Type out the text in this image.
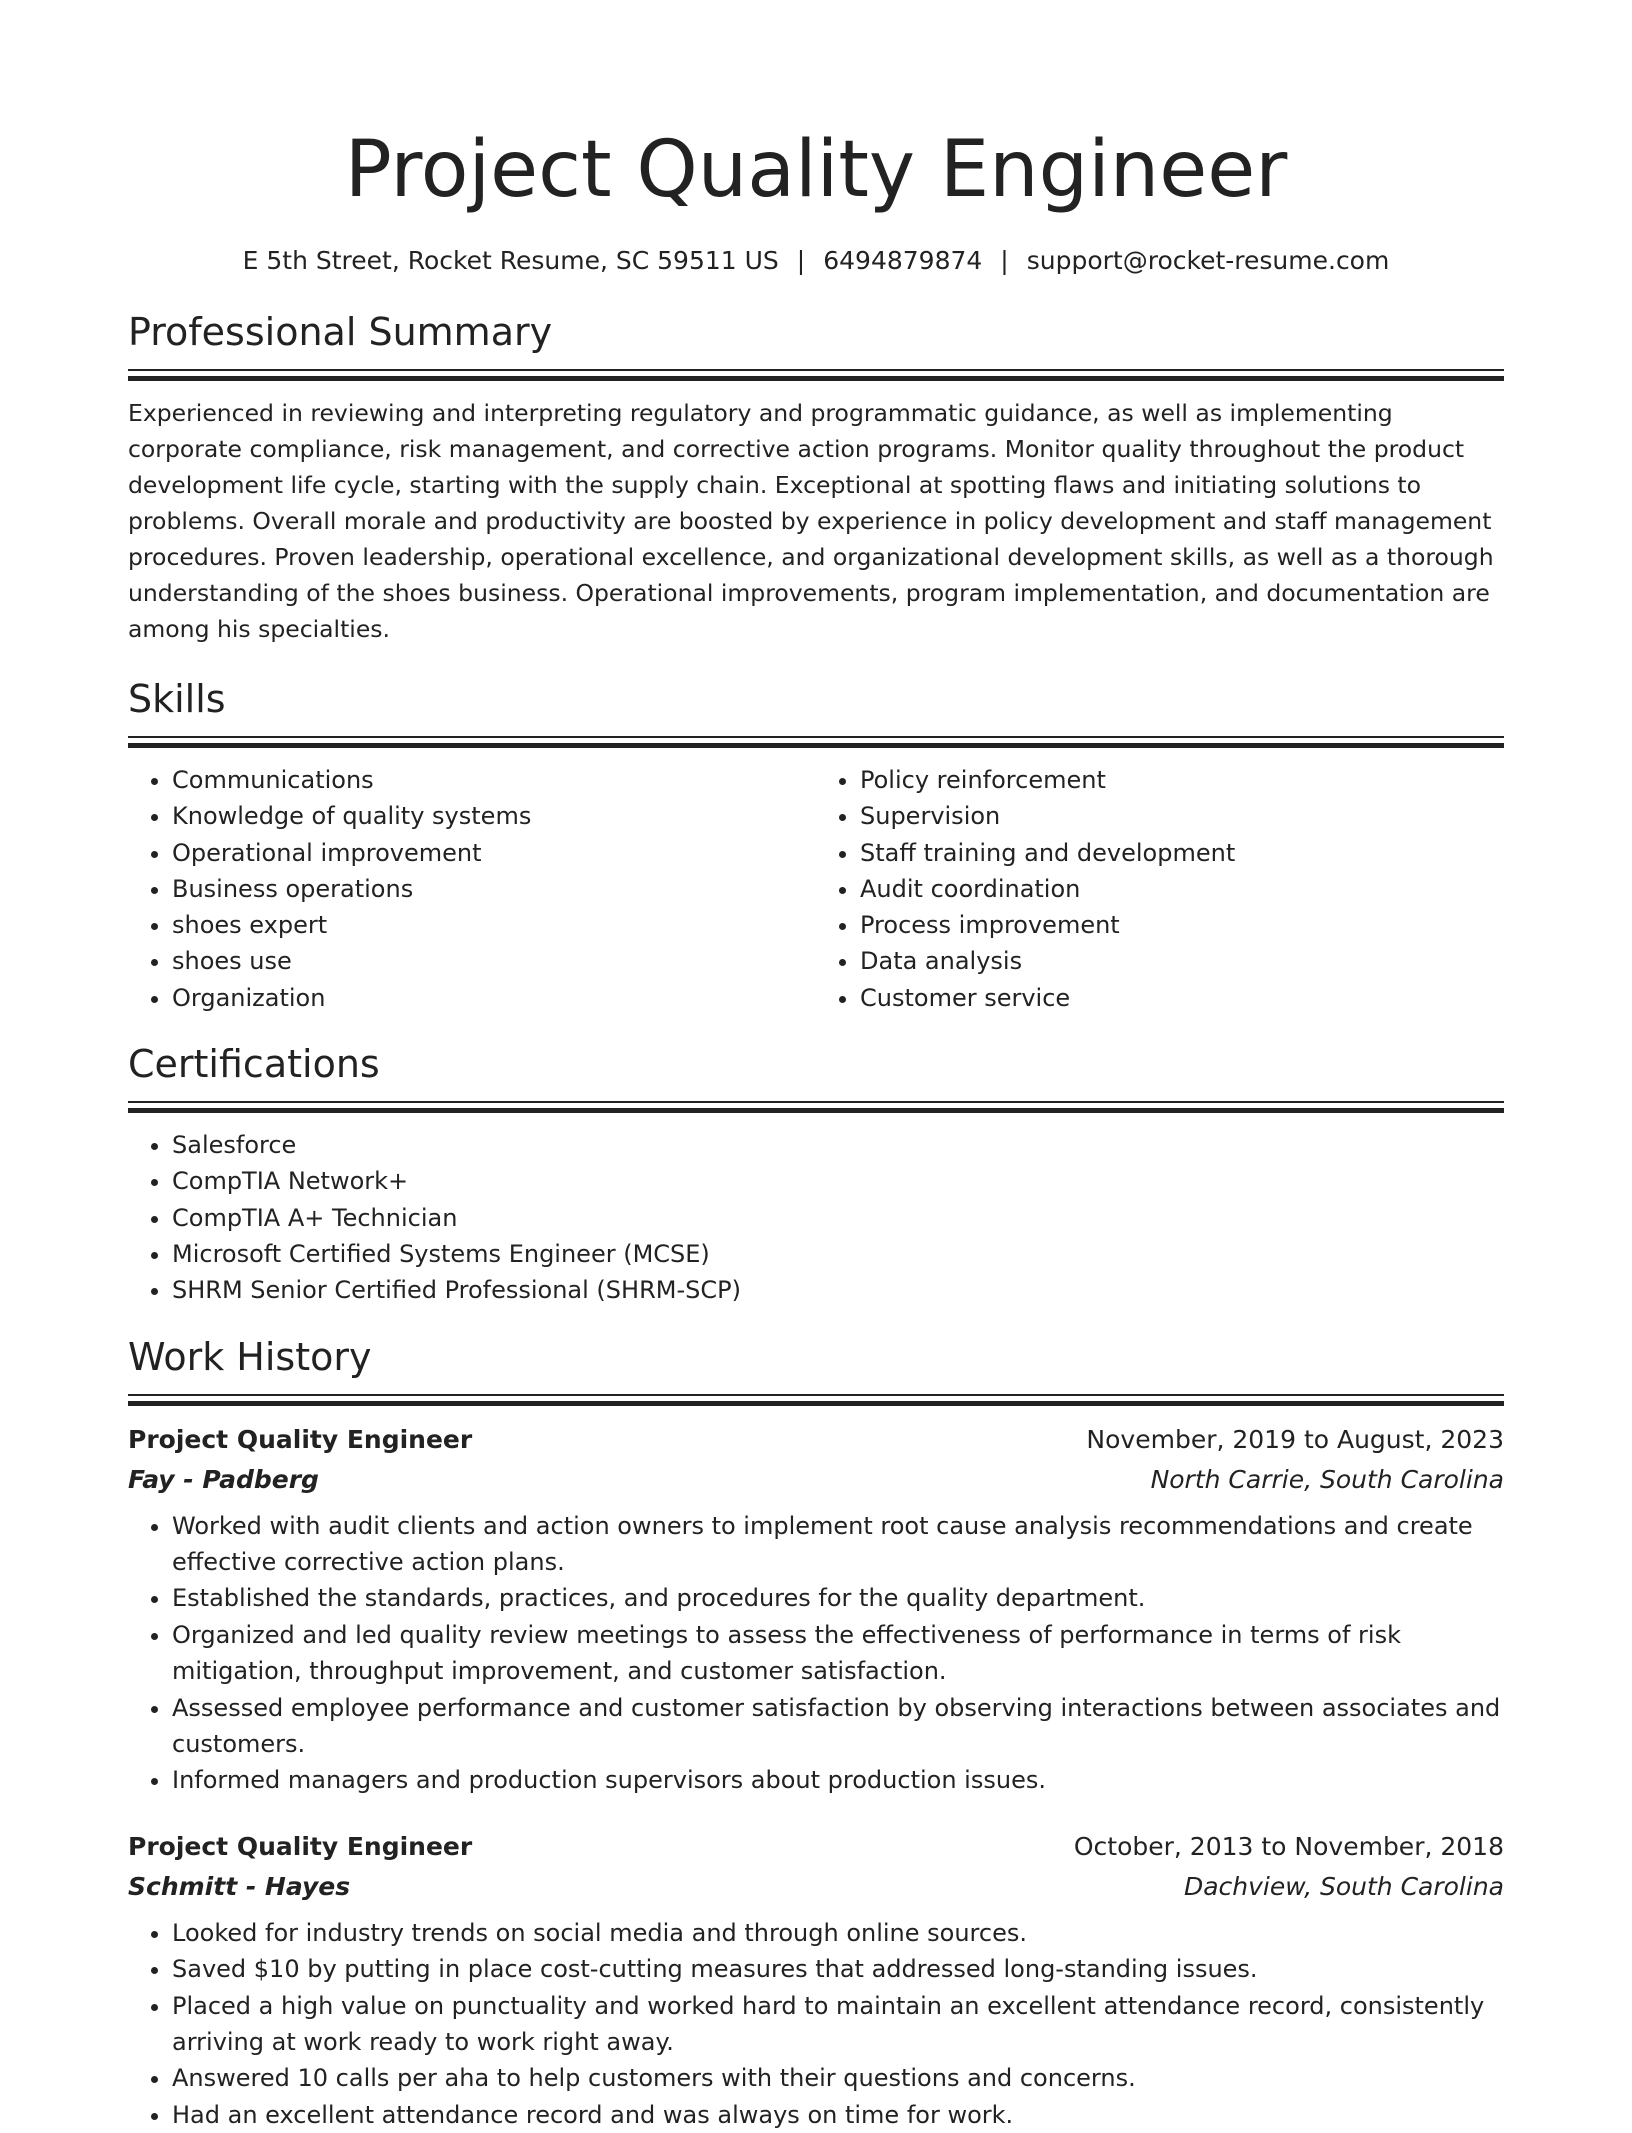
Project Quality Engineer
E 5th Street, Rocket Resume, SC 59511 US | 6494879874 | support@rocket-resume.com
Professional Summary

Experienced in reviewing and interpreting regulatory and programmatic guidance, as well as implementing corporate compliance, risk management, and corrective action programs. Monitor quality throughout the product development life cycle, starting with the supply chain. Exceptional at spotting flaws and initiating solutions to problems. Overall morale and productivity are boosted by experience in policy development and staff management procedures. Proven leadership, operational excellence, and organizational development skills, as well as a thorough understanding of the shoes business. Operational improvements, program implementation, and documentation are among his specialties.

Skills
• Communications
• Knowledge of quality systems
• Operational improvement
• Business operations
• shoes expert
• shoes use
• Organization
• Policy reinforcement
• Supervision
• Staff training and development
• Audit coordination
• Process improvement
• Data analysis
• Customer service
Certifications
• Salesforce
• CompTIA Network+
• CompTIA A+ Technician
• Microsoft Certified Systems Engineer (MCSE)
• SHRM Senior Certified Professional (SHRM-SCP)
Work History
Project Quality Engineer	November, 2019 to August, 2023
Fay - Padberg	North Carrie, South Carolina
• Worked with audit clients and action owners to implement root cause analysis recommendations and create effective corrective action plans.
• Established the standards, practices, and procedures for the quality department.
• Organized and led quality review meetings to assess the effectiveness of performance in terms of risk mitigation, throughput improvement, and customer satisfaction.
• Assessed employee performance and customer satisfaction by observing interactions between associates and customers.
• Informed managers and production supervisors about production issues.
Project Quality Engineer	October, 2013 to November, 2018
Schmitt - Hayes	Dachview, South Carolina
• Looked for industry trends on social media and through online sources.
• Saved $10 by putting in place cost-cutting measures that addressed long-standing issues.
• Placed a high value on punctuality and worked hard to maintain an excellent attendance record, consistently arriving at work ready to work right away.
• Answered 10 calls per aha to help customers with their questions and concerns.
• Had an excellent attendance record and was always on time for work.
